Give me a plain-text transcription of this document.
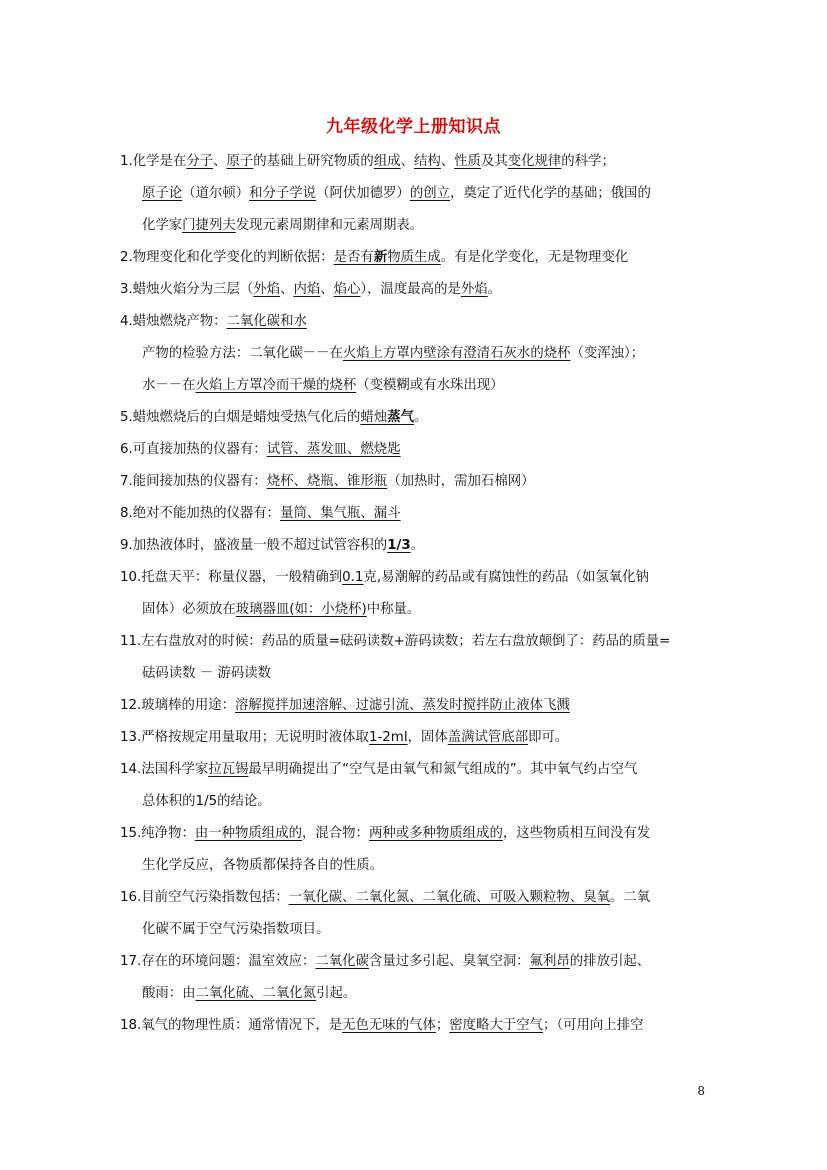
九年级化学上册知识点
1.化学是在分子、原子的基础上研究物质的组成、结构、性质及其变化规律的科学；
原子论（道尔顿）和分子学说（阿伏加德罗）的创立，奠定了近代化学的基础；俄国的
化学家门捷列夫发现元素周期律和元素周期表。
2.物理变化和化学变化的判断依据：是否有新物质生成。有是化学变化，无是物理变化
3.蜡烛火焰分为三层（外焰、内焰、焰心），温度最高的是外焰。
4.蜡烛燃烧产物：二氧化碳和水
产物的检验方法：二氧化碳－－在火焰上方罩内壁涂有澄清石灰水的烧杯（变浑浊）；
水－－在火焰上方罩冷而干燥的烧杯（变模糊或有水珠出现）
5.蜡烛燃烧后的白烟是蜡烛受热气化后的蜡烛蒸气。
6.可直接加热的仪器有：试管、蒸发皿、燃烧匙
7.能间接加热的仪器有：烧杯、烧瓶、锥形瓶（加热时，需加石棉网）
8.绝对不能加热的仪器有：量筒、集气瓶、漏斗
9.加热液体时，盛液量一般不超过试管容积的1/3。
10.托盘天平：称量仪器，一般精确到0.1克,易潮解的药品或有腐蚀性的药品（如氢氧化钠
固体）必须放在玻璃器皿(如：小烧杯)中称量。
11.左右盘放对的时候：药品的质量=砝码读数+游码读数；若左右盘放颠倒了：药品的质量=
砝码读数 － 游码读数
12.玻璃棒的用途：溶解搅拌加速溶解、过滤引流、蒸发时搅拌防止液体飞溅
13.严格按规定用量取用；无说明时液体取1-2ml，固体盖满试管底部即可。
14.法国科学家拉瓦锡最早明确提出了“空气是由氧气和氮气组成的”。其中氧气约占空气
总体积的1/5的结论。
15.纯净物：由一种物质组成的，混合物：两种或多种物质组成的，这些物质相互间没有发
生化学反应，各物质都保持各自的性质。
16.目前空气污染指数包括：一氧化碳、二氧化氮、二氧化硫、可吸入颗粒物、臭氧。二氧
化碳不属于空气污染指数项目。
17.存在的环境问题：温室效应：二氧化碳含量过多引起、臭氧空洞：氟利昂的排放引起、
酸雨：由二氧化硫、二氧化氮引起。
18.氧气的物理性质：通常情况下，是无色无味的气体；密度略大于空气；（可用向上排空
8
